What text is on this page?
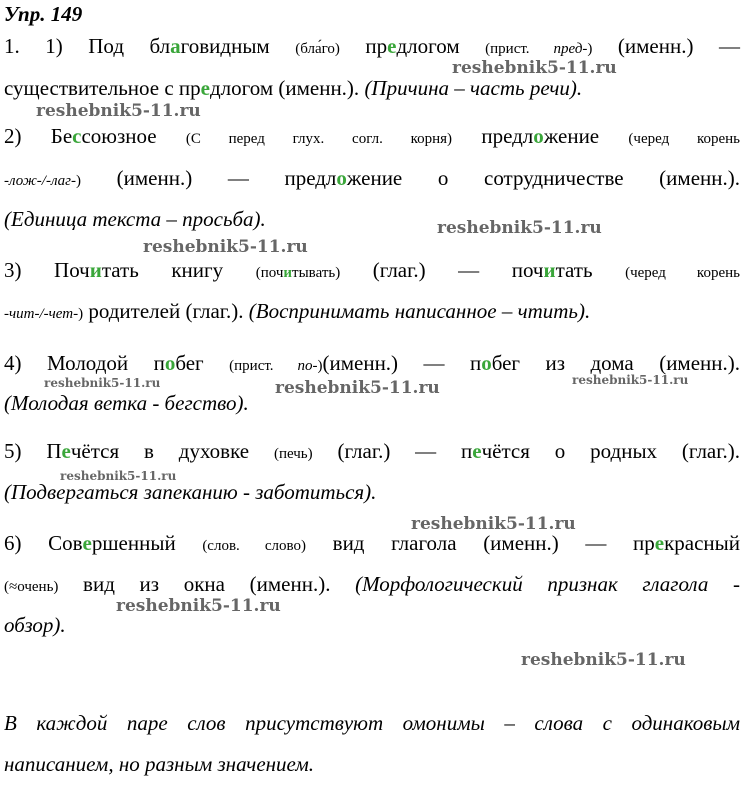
Упр. 149
1. 1) Под благовидным (бла́го) предлогом (прист. пред-) (именн.) —
существительное с предлогом (именн.). (Причина – часть речи).
2) Бессоюзное (С перед глух. согл. корня) предложение (черед корень
-лож-/-лаг-) (именн.) — предложение о сотрудничестве (именн.).
(Единица текста – просьба).
3) Почитать книгу (почитывать) (глаг.) — почитать (черед корень
-чит-/-чет-) родителей (глаг.). (Воспринимать написанное – чтить).
4) Молодой побег (прист. по-)(именн.) — побег из дома (именн.).
(Молодая ветка - бегство).
5) Печётся в духовке (печь) (глаг.) — печётся о родных (глаг.).
(Подвергаться запеканию - заботиться).
6) Совершенный (слов. слово) вид глагола (именн.) — прекрасный
(≈очень) вид из окна (именн.). (Морфологический признак глагола -
обзор).
В каждой паре слов присутствуют омонимы – слова с одинаковым
написанием, но разным значением.
reshebnik5-11.ru
reshebnik5-11.ru
reshebnik5-11.ru
reshebnik5-11.ru
reshebnik5-11.ru	reshebnik5-11.ru	reshebnik5-11.ru
reshebnik5-11.ru
reshebnik5-11.ru
reshebnik5-11.ru
reshebnik5-11.ru
